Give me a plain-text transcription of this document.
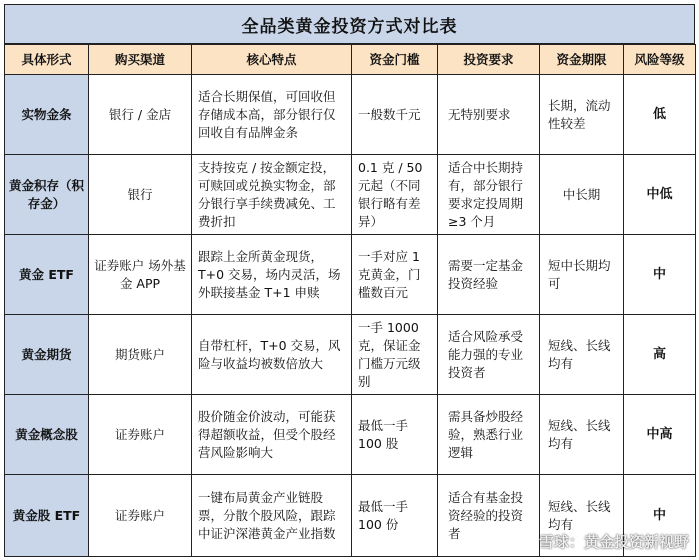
全品类黄金投资方式对比表
具体形式	购买渠道	核心特点	资金门槛	投资要求	资金期限	风险等级
实物金条	银行 / 金店	适合长期保值，可回收但存储成本高，部分银行仅回收自有品牌金条	一般数千元	无特别要求	长期，流动性较差	低
黄金积存（积存金）	银行	支持按克 / 按金额定投，可赎回或兑换实物金，部分银行享手续费减免、工费折扣	0.1 克 / 50 元起（不同银行略有差异）	适合中长期持有，部分银行要求定投周期≥3 个月	中长期	中低
黄金 ETF	证券账户 场外基金 APP	跟踪上金所黄金现货，T+0 交易，场内灵活，场外联接基金 T+1 申赎	一手对应 1 克黄金，门槛数百元	需要一定基金投资经验	短中长期均可	中
黄金期货	期货账户	自带杠杆，T+0 交易，风险与收益均被数倍放大	一手 1000 克，保证金门槛万元级别	适合风险承受能力强的专业投资者	短线、长线均有	高
黄金概念股	证券账户	股价随金价波动，可能获得超额收益，但受个股经营风险影响大	最低一手 100 股	需具备炒股经验，熟悉行业逻辑	短线、长线均有	中高
黄金股 ETF	证券账户	一键布局黄金产业链股票，分散个股风险，跟踪中证沪深港黄金产业指数	最低一手 100 份	适合有基金投资经验的投资者	短线、长线均有	中
雪球：黄金投资新视野
